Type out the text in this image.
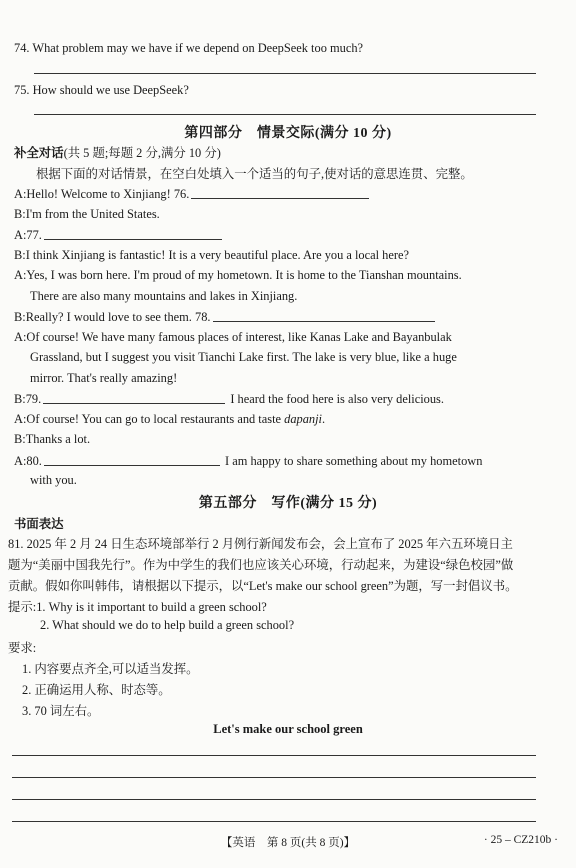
74. What problem may we have if we depend on DeepSeek too much?
75. How should we use DeepSeek?
第四部分　情景交际(满分 10 分)
补全对话(共 5 题;每题 2 分,满分 10 分)
根据下面的对话情景，在空白处填入一个适当的句子,使对话的意思连贯、完整。
A:Hello! Welcome to Xinjiang! 76.
B:I'm from the United States.
A:77.
B:I think Xinjiang is fantastic! It is a very beautiful place. Are you a local here?
A:Yes, I was born here. I'm proud of my hometown. It is home to the Tianshan mountains.
There are also many mountains and lakes in Xinjiang.
B:Really? I would love to see them. 78.
A:Of course! We have many famous places of interest, like Kanas Lake and Bayanbulak
Grassland, but I suggest you visit Tianchi Lake first. The lake is very blue, like a huge
mirror. That's really amazing!
B:79.	I heard the food here is also very delicious.
A:Of course! You can go to local restaurants and taste dapanji.
B:Thanks a lot.
A:80.	I am happy to share something about my hometown
with you.
第五部分　写作(满分 15 分)
书面表达
81. 2025 年 2 月 24 日生态环境部举行 2 月例行新闻发布会，会上宣布了 2025 年六五环境日主
题为“美丽中国我先行”。作为中学生的我们也应该关心环境，行动起来，为建设“绿色校园”做
贡献。假如你叫韩伟，请根据以下提示，以“Let's make our school green”为题，写一封倡议书。
提示:1. Why is it important to build a green school?
2. What should we do to help build a green school?
要求:
1. 内容要点齐全,可以适当发挥。
2. 正确运用人称、时态等。
3. 70 词左右。
Let's make our school green
【英语　第 8 页(共 8 页)】	· 25 – CZ210b ·
